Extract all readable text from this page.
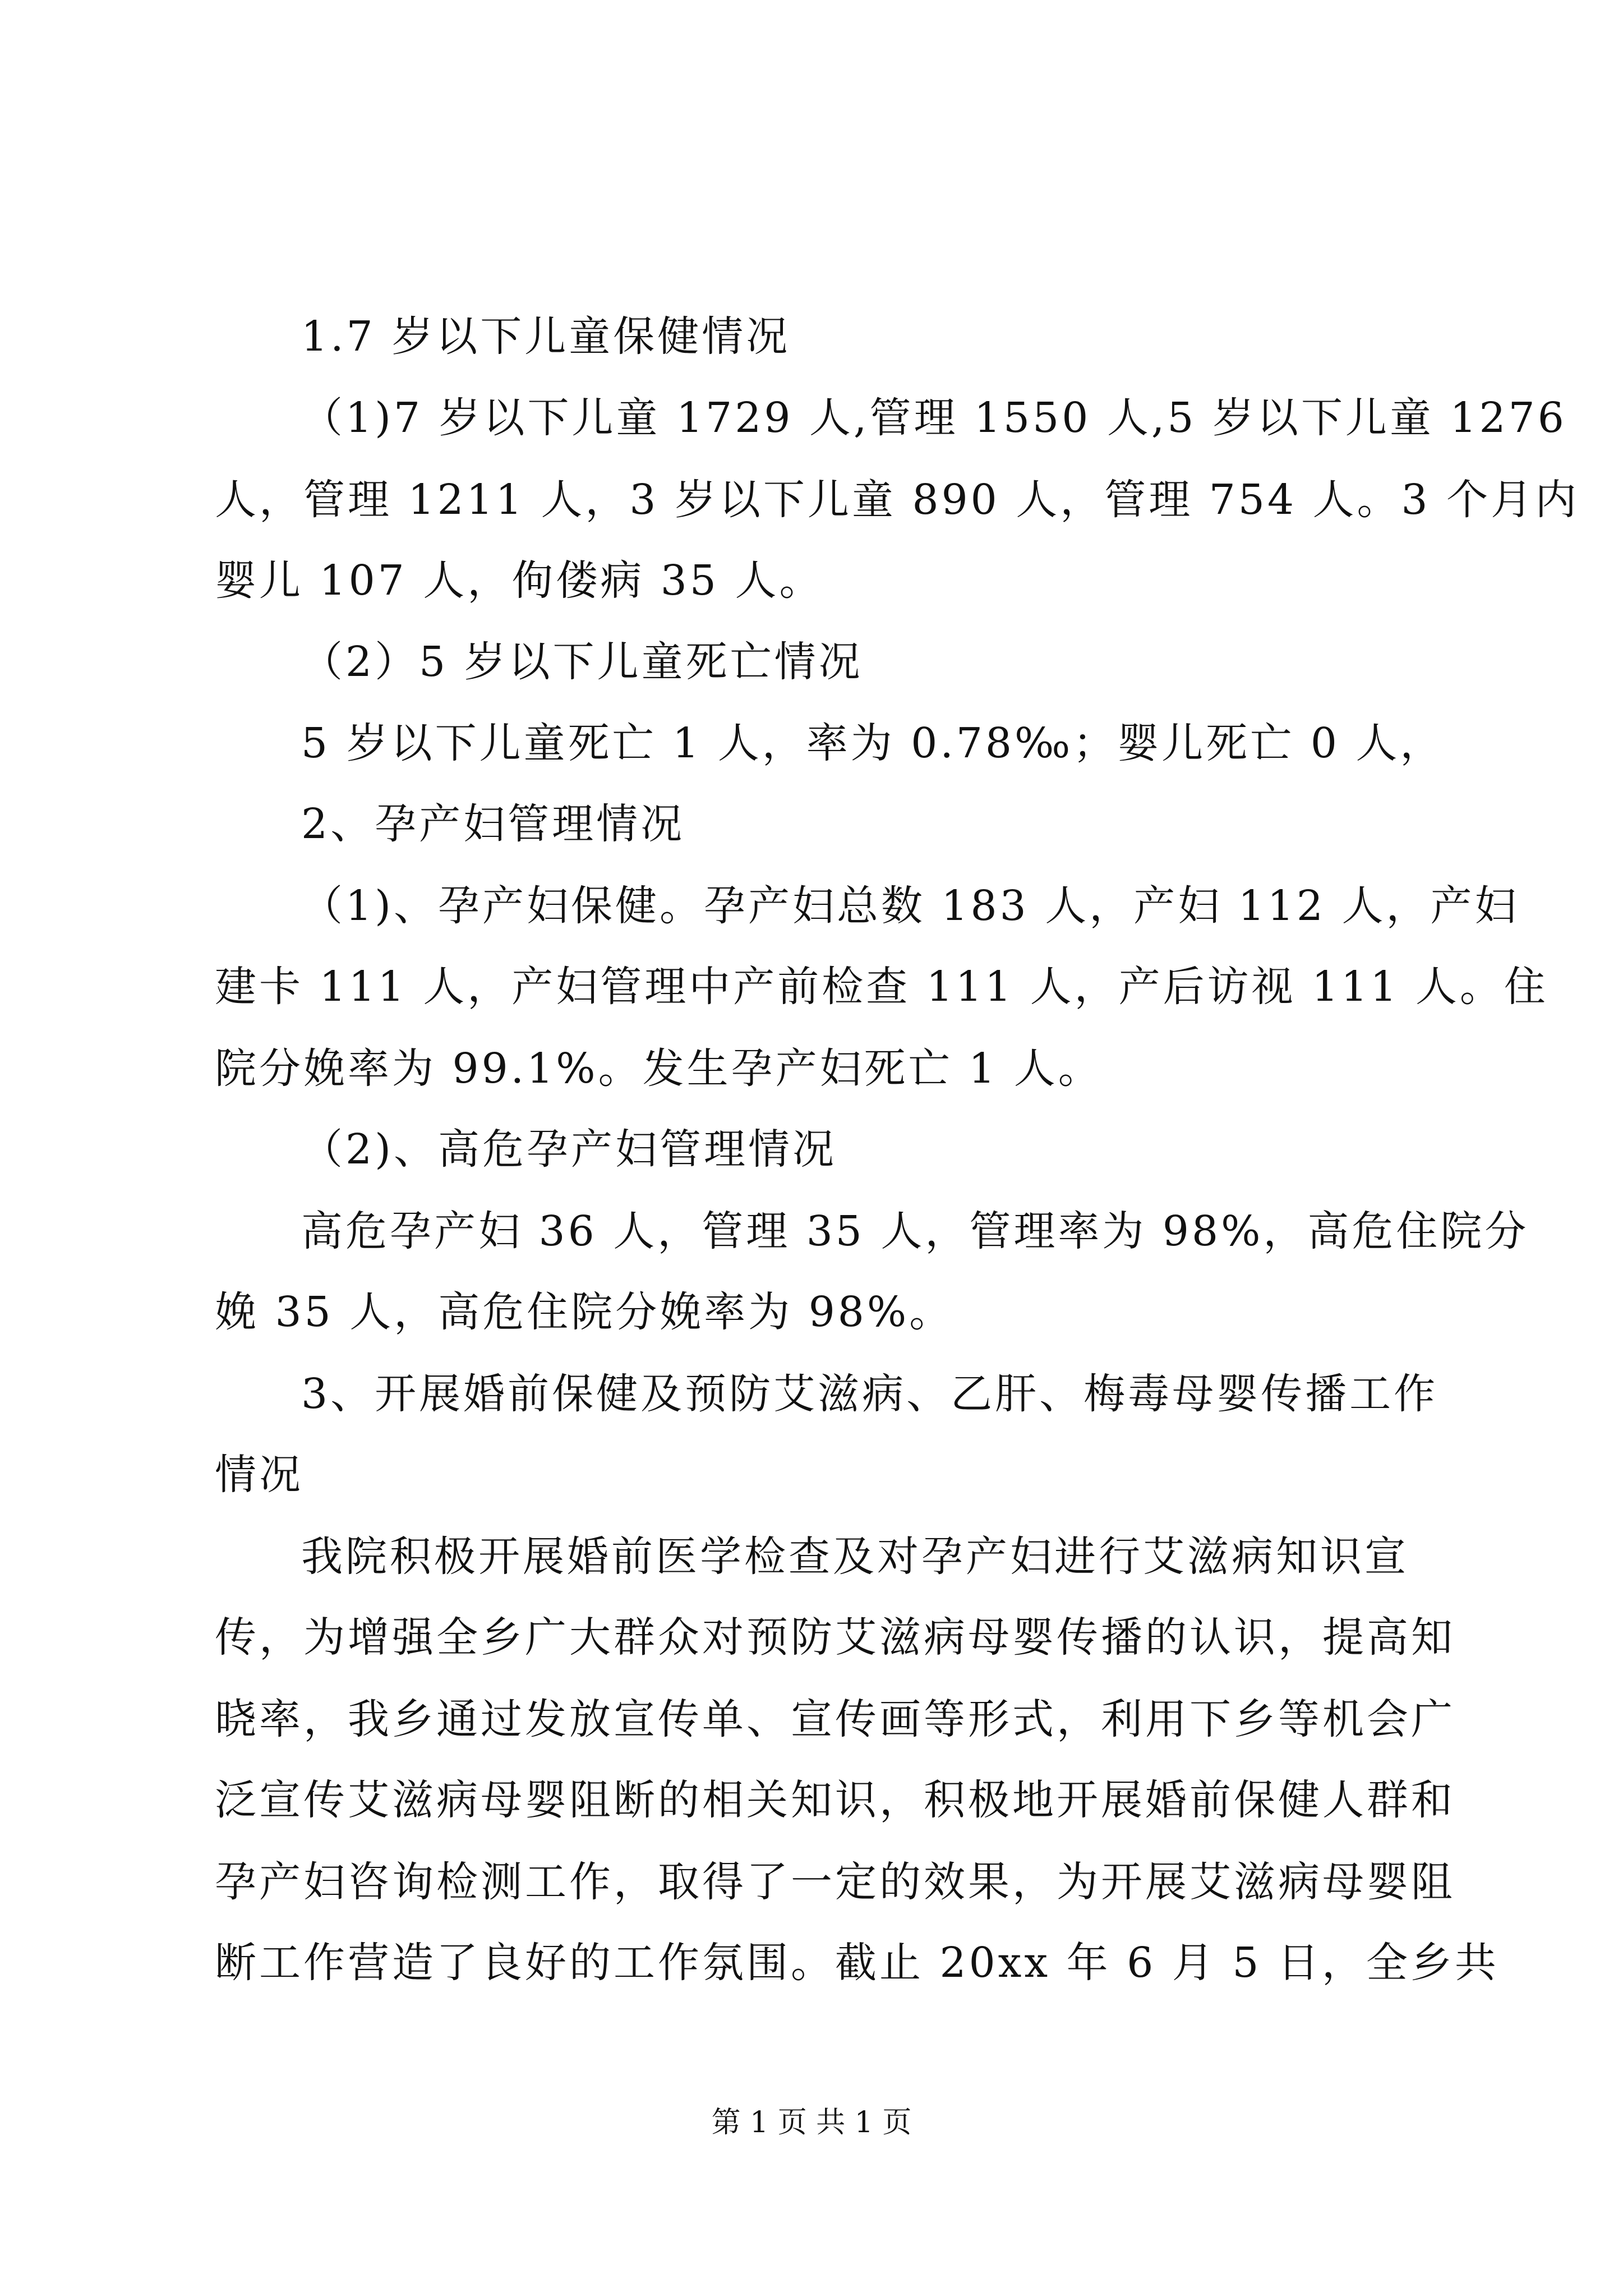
1.7 岁以下儿童保健情况
（1)7 岁以下儿童 1729 人,管理 1550 人,5 岁以下儿童 1276
人，管理 1211 人，3 岁以下儿童 890 人，管理 754 人。3 个月内
婴儿 107 人，佝偻病 35 人。
（2）5 岁以下儿童死亡情况
5 岁以下儿童死亡 1 人，率为 0.78‰；婴儿死亡 0 人，
2、孕产妇管理情况
（1)、孕产妇保健。孕产妇总数 183 人，产妇 112 人，产妇
建卡 111 人，产妇管理中产前检查 111 人，产后访视 111 人。住
院分娩率为 99.1%。发生孕产妇死亡 1 人。
（2)、高危孕产妇管理情况
高危孕产妇 36 人，管理 35 人，管理率为 98%，高危住院分
娩 35 人，高危住院分娩率为 98%。
3、开展婚前保健及预防艾滋病、乙肝、梅毒母婴传播工作
情况
我院积极开展婚前医学检查及对孕产妇进行艾滋病知识宣
传，为增强全乡广大群众对预防艾滋病母婴传播的认识，提高知
晓率，我乡通过发放宣传单、宣传画等形式，利用下乡等机会广
泛宣传艾滋病母婴阻断的相关知识，积极地开展婚前保健人群和
孕产妇咨询检测工作，取得了一定的效果，为开展艾滋病母婴阻
断工作营造了良好的工作氛围。截止 20xx 年 6 月 5 日，全乡共
第 1 页 共 1 页
